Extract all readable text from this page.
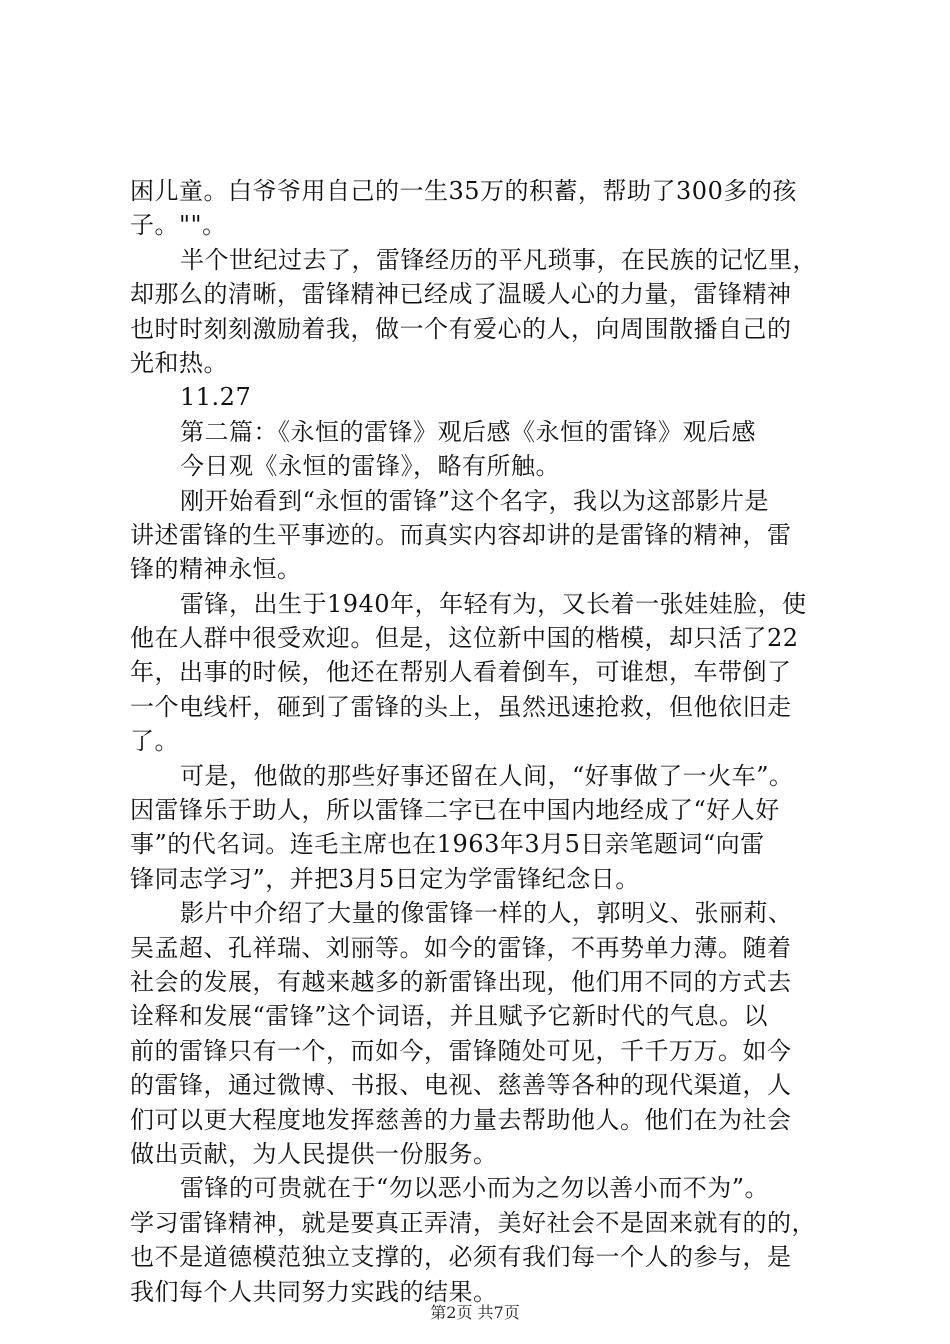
困儿童。白爷爷用自己的一生35万的积蓄，帮助了300多的孩
子。""。
半个世纪过去了，雷锋经历的平凡琐事，在民族的记忆里，
却那么的清晰，雷锋精神已经成了温暖人心的力量，雷锋精神
也时时刻刻激励着我，做一个有爱心的人，向周围散播自己的
光和热。
11.27
第二篇：《永恒的雷锋》观后感《永恒的雷锋》观后感
今日观《永恒的雷锋》，略有所触。
刚开始看到“永恒的雷锋”这个名字，我以为这部影片是
讲述雷锋的生平事迹的。而真实内容却讲的是雷锋的精神，雷
锋的精神永恒。
雷锋，出生于1940年，年轻有为，又长着一张娃娃脸，使
他在人群中很受欢迎。但是，这位新中国的楷模，却只活了22
年，出事的时候，他还在帮别人看着倒车，可谁想，车带倒了
一个电线杆，砸到了雷锋的头上，虽然迅速抢救，但他依旧走
了。
可是，他做的那些好事还留在人间，“好事做了一火车”。
因雷锋乐于助人，所以雷锋二字已在中国内地经成了“好人好
事”的代名词。连毛主席也在1963年3月5日亲笔题词“向雷
锋同志学习”，并把3月5日定为学雷锋纪念日。
影片中介绍了大量的像雷锋一样的人，郭明义、张丽莉、
吴孟超、孔祥瑞、刘丽等。如今的雷锋，不再势单力薄。随着
社会的发展，有越来越多的新雷锋出现，他们用不同的方式去
诠释和发展“雷锋”这个词语，并且赋予它新时代的气息。以
前的雷锋只有一个，而如今，雷锋随处可见，千千万万。如今
的雷锋，通过微博、书报、电视、慈善等各种的现代渠道，人
们可以更大程度地发挥慈善的力量去帮助他人。他们在为社会
做出贡献，为人民提供一份服务。
雷锋的可贵就在于“勿以恶小而为之勿以善小而不为”。
学习雷锋精神，就是要真正弄清，美好社会不是固来就有的的，
也不是道德模范独立支撑的，必须有我们每一个人的参与，是
我们每个人共同努力实践的结果。
第2页 共7页
